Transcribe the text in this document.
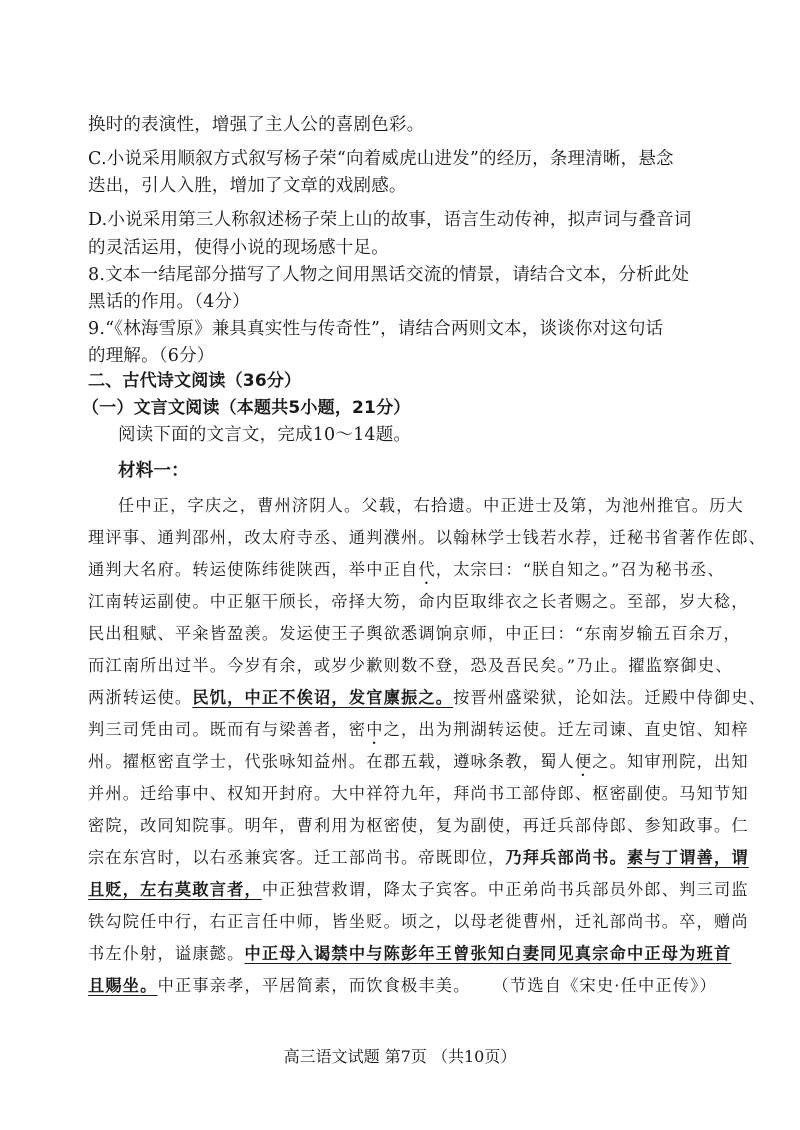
换时的表演性，增强了主人公的喜剧色彩。
C.小说采用顺叙方式叙写杨子荣“向着威虎山进发”的经历，条理清晰，悬念
迭出，引人入胜，增加了文章的戏剧感。
D.小说采用第三人称叙述杨子荣上山的故事，语言生动传神，拟声词与叠音词
的灵活运用，使得小说的现场感十足。
8.文本一结尾部分描写了人物之间用黑话交流的情景，请结合文本，分析此处
黑话的作用。（4分）
9.“《林海雪原》兼具真实性与传奇性”，请结合两则文本，谈谈你对这句话
的理解。（6分）
二、古代诗文阅读（36分）
（一）文言文阅读（本题共5小题，21分）
阅读下面的文言文，完成10～14题。
材料一：
任中正，字庆之，曹州济阴人。父载，右拾遗。中正进士及第，为池州推官。历大
理评事、通判邵州，改太府寺丞、通判濮州。以翰林学士钱若水荐，迁秘书省著作佐郎、
通判大名府。转运使陈纬徙陕西，举中正自代，太宗曰：“朕自知之。”召为秘书丞、
江南转运副使。中正躯干颀长，帝择大笏，命内臣取绯衣之长者赐之。至部，岁大稔，
民出租赋、平籴皆盈羡。发运使王子舆欲悉调饷京师，中正曰：“东南岁输五百余万，
而江南所出过半。今岁有余，或岁少歉则数不登，恐及吾民矣。”乃止。擢监察御史、
两浙转运使。民饥，中正不俟诏，发官廪振之。按晋州盛梁狱，论如法。迁殿中侍御史、
判三司凭由司。既而有与梁善者，密中之，出为荆湖转运使。迁左司谏、直史馆、知梓
州。擢枢密直学士，代张咏知益州。在郡五载，遵咏条教，蜀人便之。知审刑院，出知
并州。迁给事中、权知开封府。大中祥符九年，拜尚书工部侍郎、枢密副使。马知节知
密院，改同知院事。明年，曹利用为枢密使，复为副使，再迁兵部侍郎、参知政事。仁
宗在东宫时，以右丞兼宾客。迁工部尚书。帝既即位，乃拜兵部尚书。素与丁谓善，谓
且贬，左右莫敢言者，中正独营救谓，降太子宾客。中正弟尚书兵部员外郎、判三司监
铁勾院任中行，右正言任中师，皆坐贬。顷之，以母老徙曹州，迁礼部尚书。卒，赠尚
书左仆射，谥康懿。中正母入谒禁中与陈彭年王曾张知白妻同见真宗命中正母为班首
且赐坐。中正事亲孝，平居简素，而饮食极丰美。 （节选自《宋史·任中正传》）
高三语文试题 第7页 （共10页）
